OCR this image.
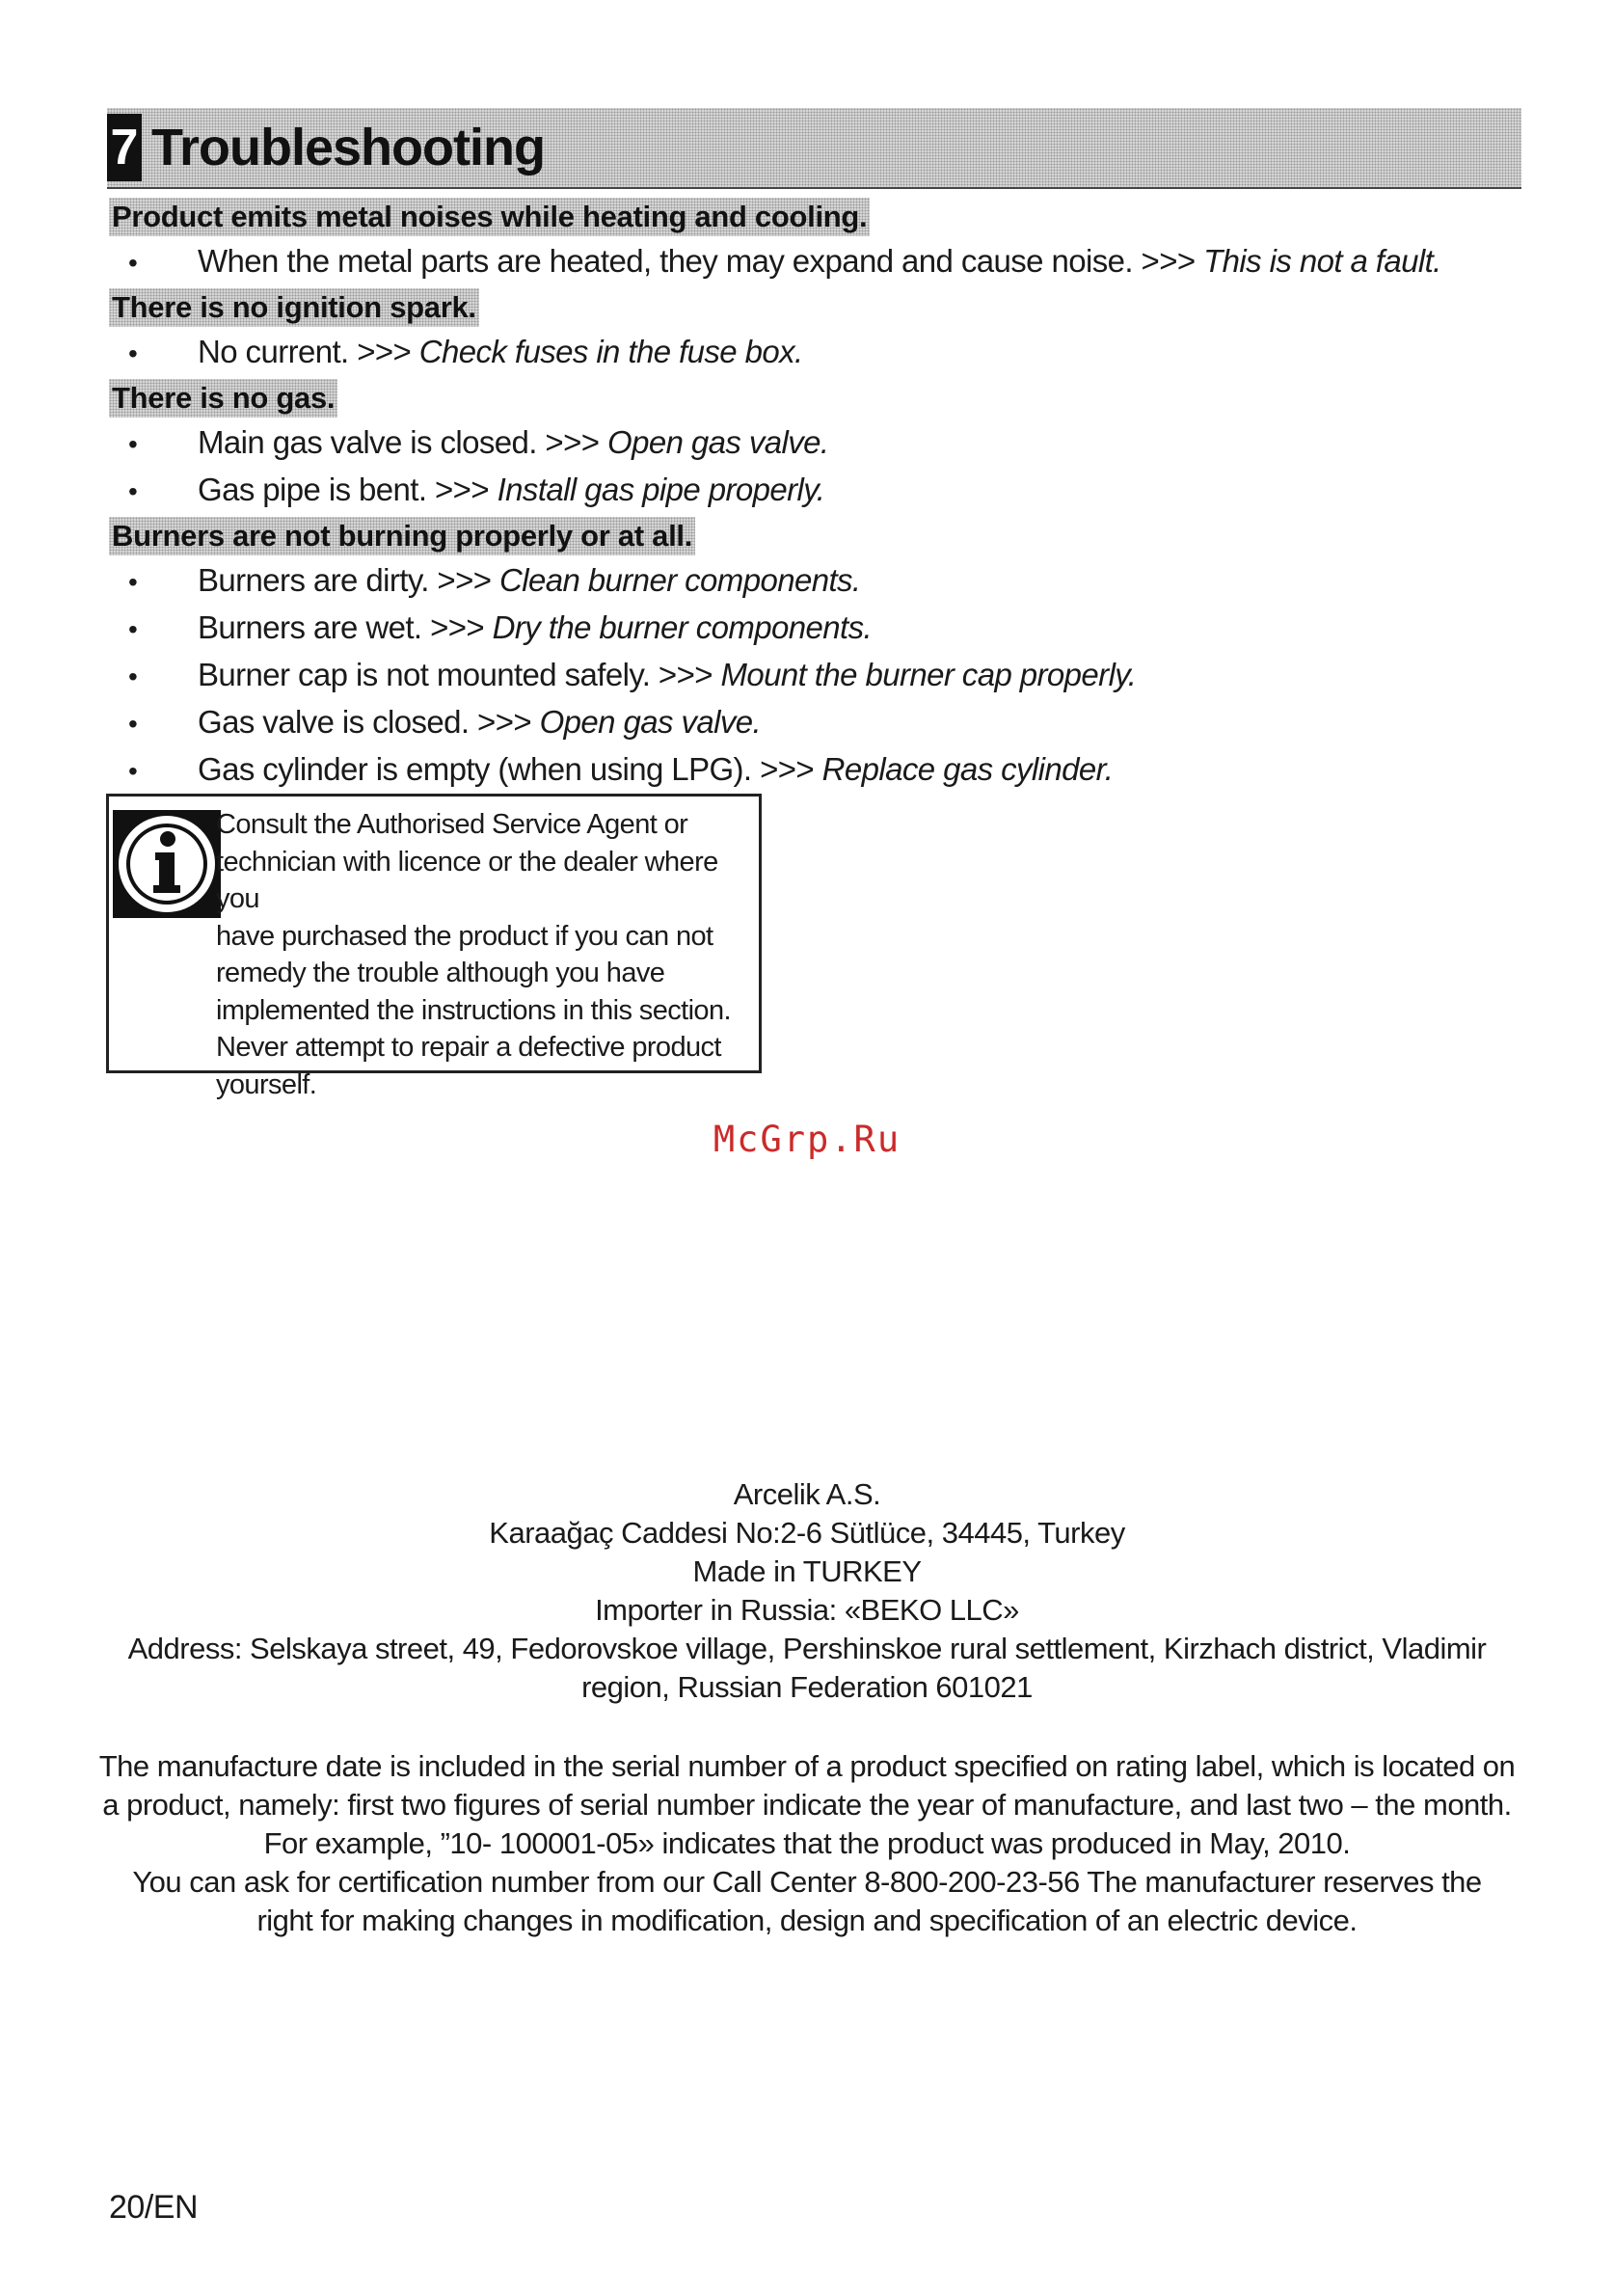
7 Troubleshooting
Product emits metal noises while heating and cooling.
• When the metal parts are heated, they may expand and cause noise. >>> This is not a fault.
There is no ignition spark.
• No current. >>> Check fuses in the fuse box.
There is no gas.
• Main gas valve is closed. >>> Open gas valve.
• Gas pipe is bent. >>> Install gas pipe properly.
Burners are not burning properly or at all.
• Burners are dirty. >>> Clean burner components.
• Burners are wet. >>> Dry the burner components.
• Burner cap is not mounted safely. >>> Mount the burner cap properly.
• Gas valve is closed. >>> Open gas valve.
• Gas cylinder is empty (when using LPG). >>> Replace gas cylinder.
Consult the Authorised Service Agent or
technician with licence or the dealer where you
have purchased the product if you can not
remedy the trouble although you have
implemented the instructions in this section.
Never attempt to repair a defective product
yourself.
McGrp.Ru
Arcelik A.S.
Karaağaç Caddesi No:2-6 Sütlüce, 34445, Turkey
Made in TURKEY
Importer in Russia: «BEKO LLC»
Address: Selskaya street, 49, Fedorovskoe village, Pershinskoe rural settlement, Kirzhach district, Vladimir
region, Russian Federation 601021
The manufacture date is included in the serial number of a product specified on rating label, which is located on
a product, namely: first two figures of serial number indicate the year of manufacture, and last two – the month.
For example, ”10- 100001-05» indicates that the product was produced in May, 2010.
You can ask for certification number from our Call Center 8-800-200-23-56 The manufacturer reserves the
right for making changes in modification, design and specification of an electric device.
20/EN
